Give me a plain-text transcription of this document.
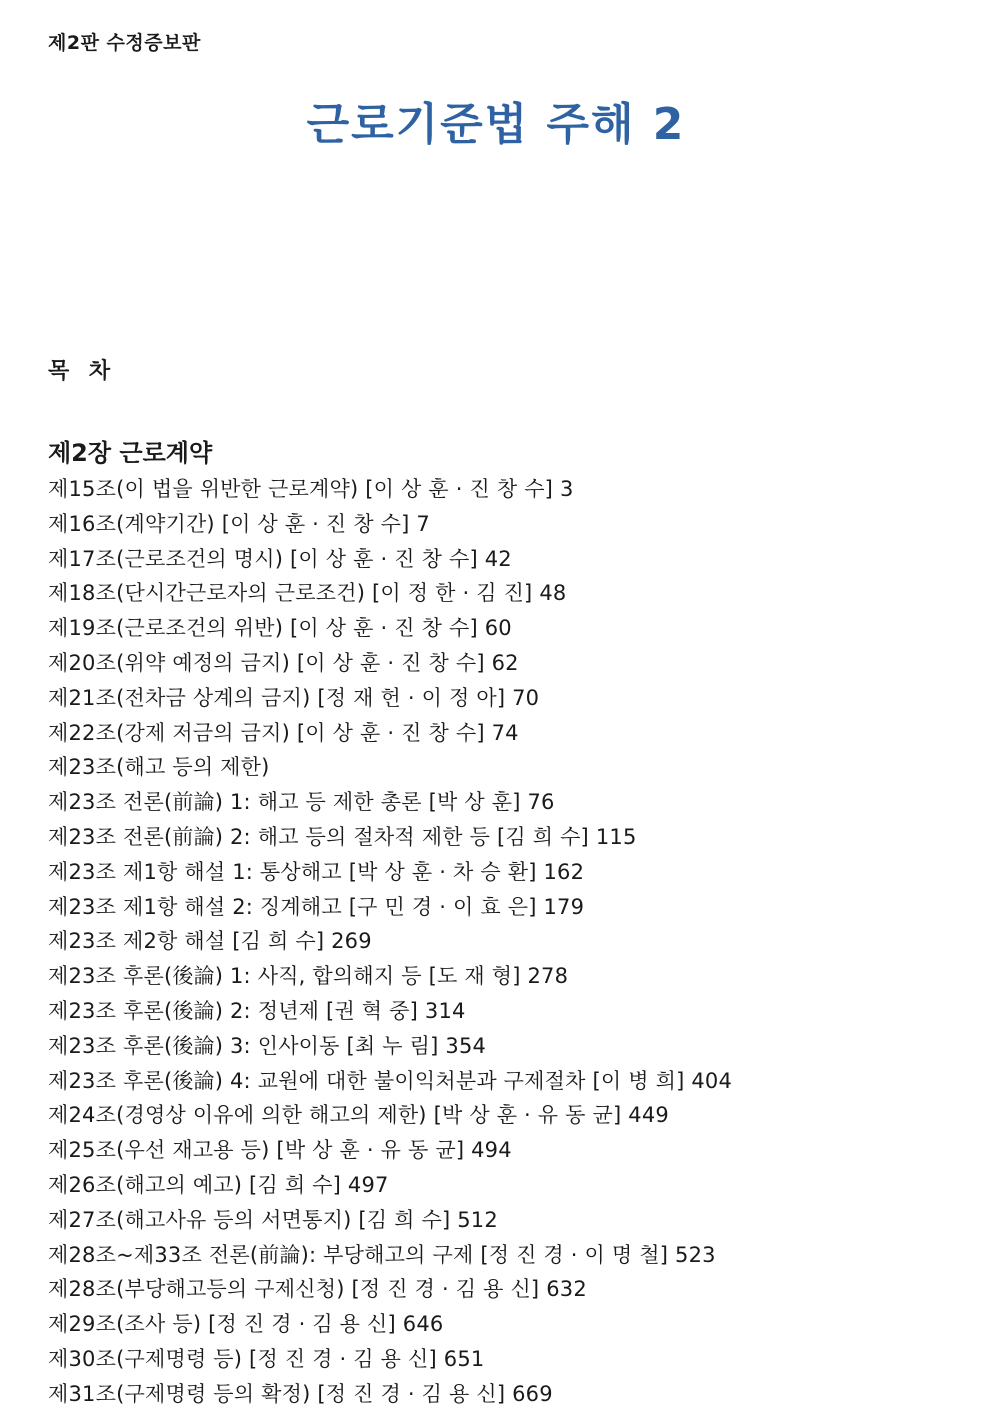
제2판 수정증보판
근로기준법 주해 2
목 차
제2장 근로계약
제15조(이 법을 위반한 근로계약) [이 상 훈 · 진 창 수] 3
제16조(계약기간) [이 상 훈 · 진 창 수] 7
제17조(근로조건의 명시) [이 상 훈 · 진 창 수] 42
제18조(단시간근로자의 근로조건) [이 정 한 · 김 진] 48
제19조(근로조건의 위반) [이 상 훈 · 진 창 수] 60
제20조(위약 예정의 금지) [이 상 훈 · 진 창 수] 62
제21조(전차금 상계의 금지) [정 재 헌 · 이 정 아] 70
제22조(강제 저금의 금지) [이 상 훈 · 진 창 수] 74
제23조(해고 등의 제한)
제23조 전론(前論) 1: 해고 등 제한 총론 [박 상 훈] 76
제23조 전론(前論) 2: 해고 등의 절차적 제한 등 [김 희 수] 115
제23조 제1항 해설 1: 통상해고 [박 상 훈 · 차 승 환] 162
제23조 제1항 해설 2: 징계해고 [구 민 경 · 이 효 은] 179
제23조 제2항 해설 [김 희 수] 269
제23조 후론(後論) 1: 사직, 합의해지 등 [도 재 형] 278
제23조 후론(後論) 2: 정년제 [권 혁 중] 314
제23조 후론(後論) 3: 인사이동 [최 누 림] 354
제23조 후론(後論) 4: 교원에 대한 불이익처분과 구제절차 [이 병 희] 404
제24조(경영상 이유에 의한 해고의 제한) [박 상 훈 · 유 동 균] 449
제25조(우선 재고용 등) [박 상 훈 · 유 동 균] 494
제26조(해고의 예고) [김 희 수] 497
제27조(해고사유 등의 서면통지) [김 희 수] 512
제28조~제33조 전론(前論): 부당해고의 구제 [정 진 경 · 이 명 철] 523
제28조(부당해고등의 구제신청) [정 진 경 · 김 용 신] 632
제29조(조사 등) [정 진 경 · 김 용 신] 646
제30조(구제명령 등) [정 진 경 · 김 용 신] 651
제31조(구제명령 등의 확정) [정 진 경 · 김 용 신] 669
